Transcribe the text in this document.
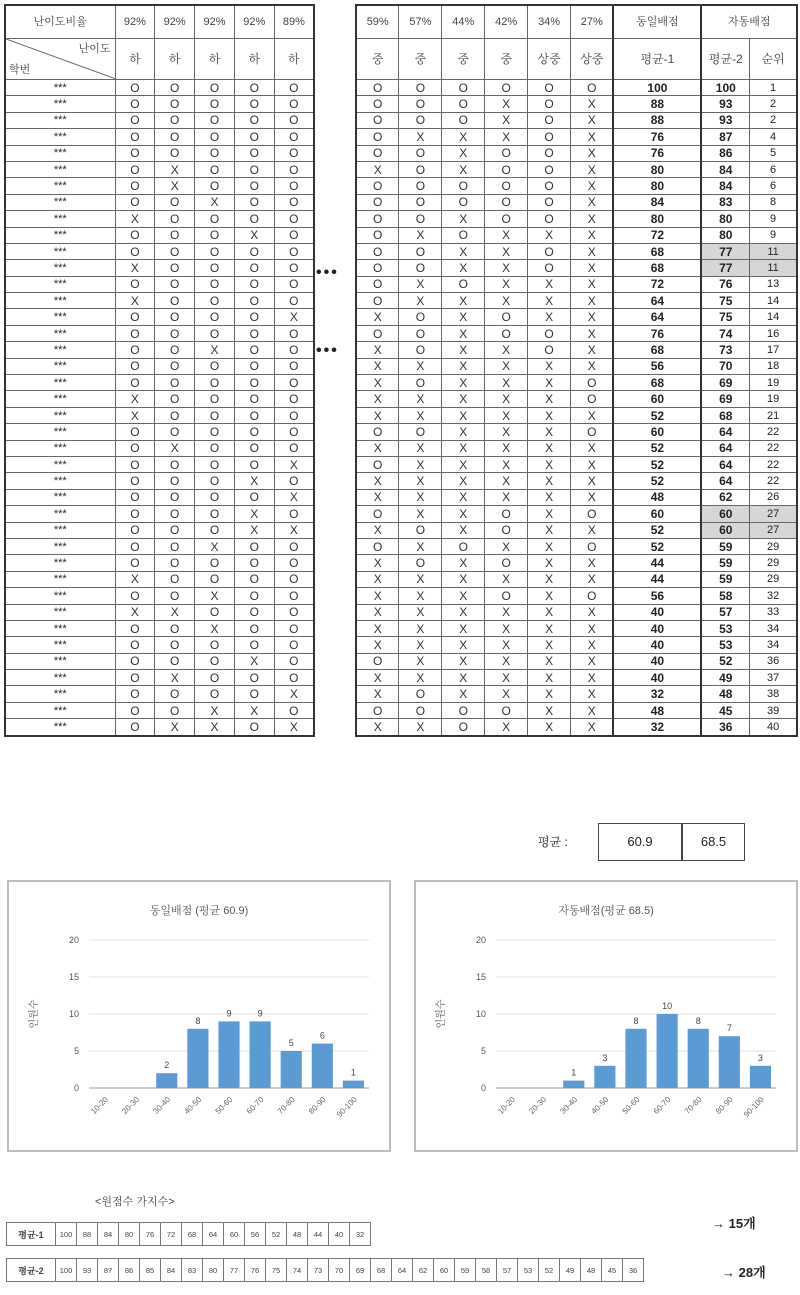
난이도비율	92%	92%	92%	92%	89%

난이도
학번	하	하	하	하	하
***	O	O	O	O	O
***	O	O	O	O	O
***	O	O	O	O	O
***	O	O	O	O	O
***	O	O	O	O	O
***	O	X	O	O	O
***	O	X	O	O	O
***	O	O	X	O	O
***	X	O	O	O	O
***	O	O	O	X	O
***	O	O	O	O	O
***	X	O	O	O	O
***	O	O	O	O	O
***	X	O	O	O	O
***	O	O	O	O	X
***	O	O	O	O	O
***	O	O	X	O	O
***	O	O	O	O	O
***	O	O	O	O	O
***	X	O	O	O	O
***	X	O	O	O	O
***	O	O	O	O	O
***	O	X	O	O	O
***	O	O	O	O	X
***	O	O	O	X	O
***	O	O	O	O	X
***	O	O	O	X	O
***	O	O	O	X	X
***	O	O	X	O	O
***	O	O	O	O	O
***	X	O	O	O	O
***	O	O	X	O	O
***	X	X	O	O	O
***	O	O	X	O	O
***	O	O	O	O	O
***	O	O	O	X	O
***	O	X	O	O	O
***	O	O	O	O	X
***	O	O	X	X	O
***	O	X	X	O	X
•••
•••
59%	57%	44%	42%	34%	27%	동일배점	자동배점	
중	중	중	중	상중	상중	평균-1	평균-2	순위
O	O	O	O	O	O	100	100	1
O	O	O	X	O	X	88	93	2
O	O	O	X	O	X	88	93	2
O	X	X	X	O	X	76	87	4
O	O	X	O	O	X	76	86	5
X	O	X	O	O	X	80	84	6
O	O	O	O	O	X	80	84	6
O	O	O	O	O	X	84	83	8
O	O	X	O	O	X	80	80	9
O	X	O	X	X	X	72	80	9
O	O	X	X	O	X	68	77	11
O	O	X	X	O	X	68	77	11
O	X	O	X	X	X	72	76	13
O	X	X	X	X	X	64	75	14
X	O	X	O	X	X	64	75	14
O	O	X	O	O	X	76	74	16
X	O	X	X	O	X	68	73	17
X	X	X	X	X	X	56	70	18
X	O	X	X	X	O	68	69	19
X	X	X	X	X	O	60	69	19
X	X	X	X	X	X	52	68	21
O	O	X	X	X	O	60	64	22
X	X	X	X	X	X	52	64	22
O	X	X	X	X	X	52	64	22
X	X	X	X	X	X	52	64	22
X	X	X	X	X	X	48	62	26
O	X	X	O	X	O	60	60	27
X	O	X	O	X	X	52	60	27
O	X	O	X	X	O	52	59	29
X	O	X	O	X	X	44	59	29
X	X	X	X	X	X	44	59	29
X	X	X	O	X	O	56	58	32
X	X	X	X	X	X	40	57	33
X	X	X	X	X	X	40	53	34
X	X	X	X	X	X	40	53	34
O	X	X	X	X	X	40	52	36
X	X	X	X	X	X	40	49	37
X	O	X	X	X	X	32	48	38
O	O	O	O	X	X	48	45	39
X	X	O	X	X	X	32	36	40
평균 :	60.9	68.5
동일배점 (평균 60.9)
0
5
10
15
20
인원수
10-20 20-30
2
30-40
8
40-50
9
50-60
9
60-70
5
70-80
6
80-90
1
90-100
자동배점(평균 68.5)
0
5
10
15
20
인원수
10-20 20-30
1
30-40
3
40-50
8
50-60
10
60-70
8
70-80
7
80-90
3
90-100
<원점수 가지수>
평균-1	100	88	84	80	76	72	68	64	60	56	52	48	44	40	32
평균-2	100	93	87	86	85	84	83	80	77	76	75	74	73	70	69	68	64	62	60	59	58	57	53	52	49	48	45	36
→ 15개
→ 28개
